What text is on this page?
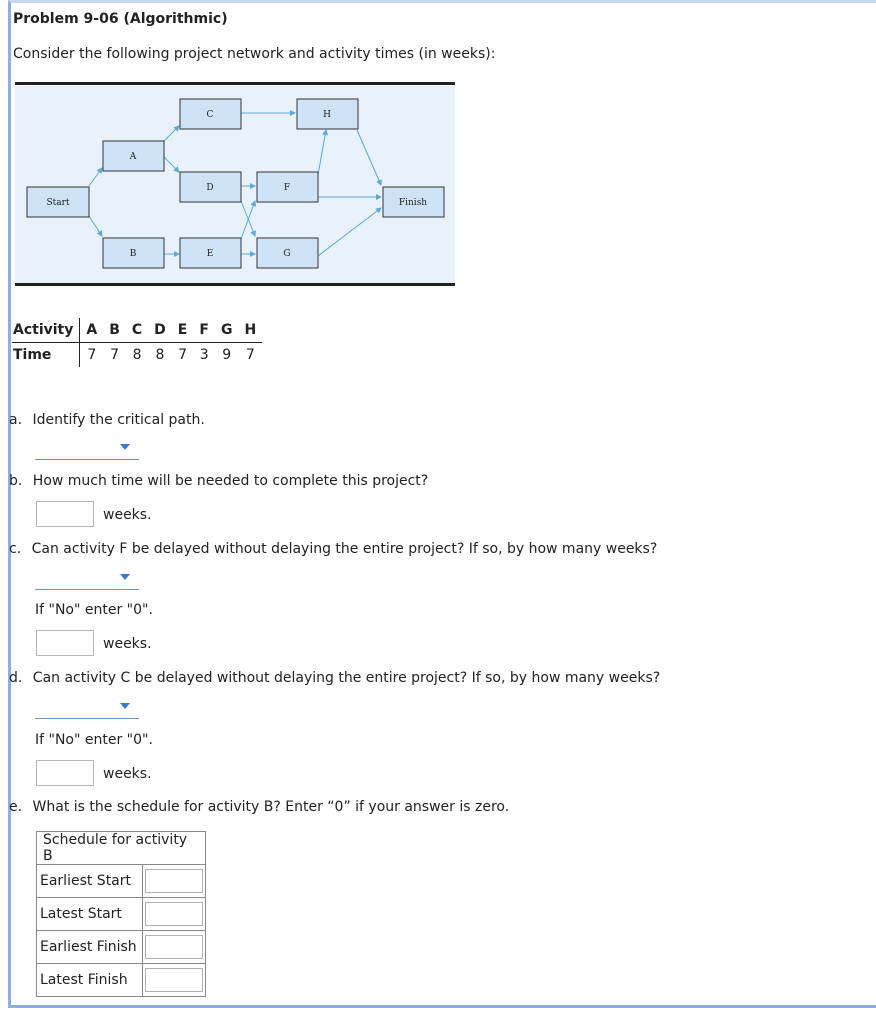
Problem 9-06 (Algorithmic)
Consider the following project network and activity times (in weeks):
Start
A
B
C
D
E
F
G
H
Finish
Activity	A	B	C	D	E	F	G	H
Time	7	7	8	8	7	3	9	7
a. Identify the critical path.
b. How much time will be needed to complete this project?
weeks.
c. Can activity F be delayed without delaying the entire project? If so, by how many weeks?
If "No" enter "0".
weeks.
d. Can activity C be delayed without delaying the entire project? If so, by how many weeks?
If "No" enter "0".
weeks.
e. What is the schedule for activity B? Enter “0” if your answer is zero.
Schedule for activity B	
Earliest Start	

Latest Start	

Earliest Finish	

Latest Finish	
